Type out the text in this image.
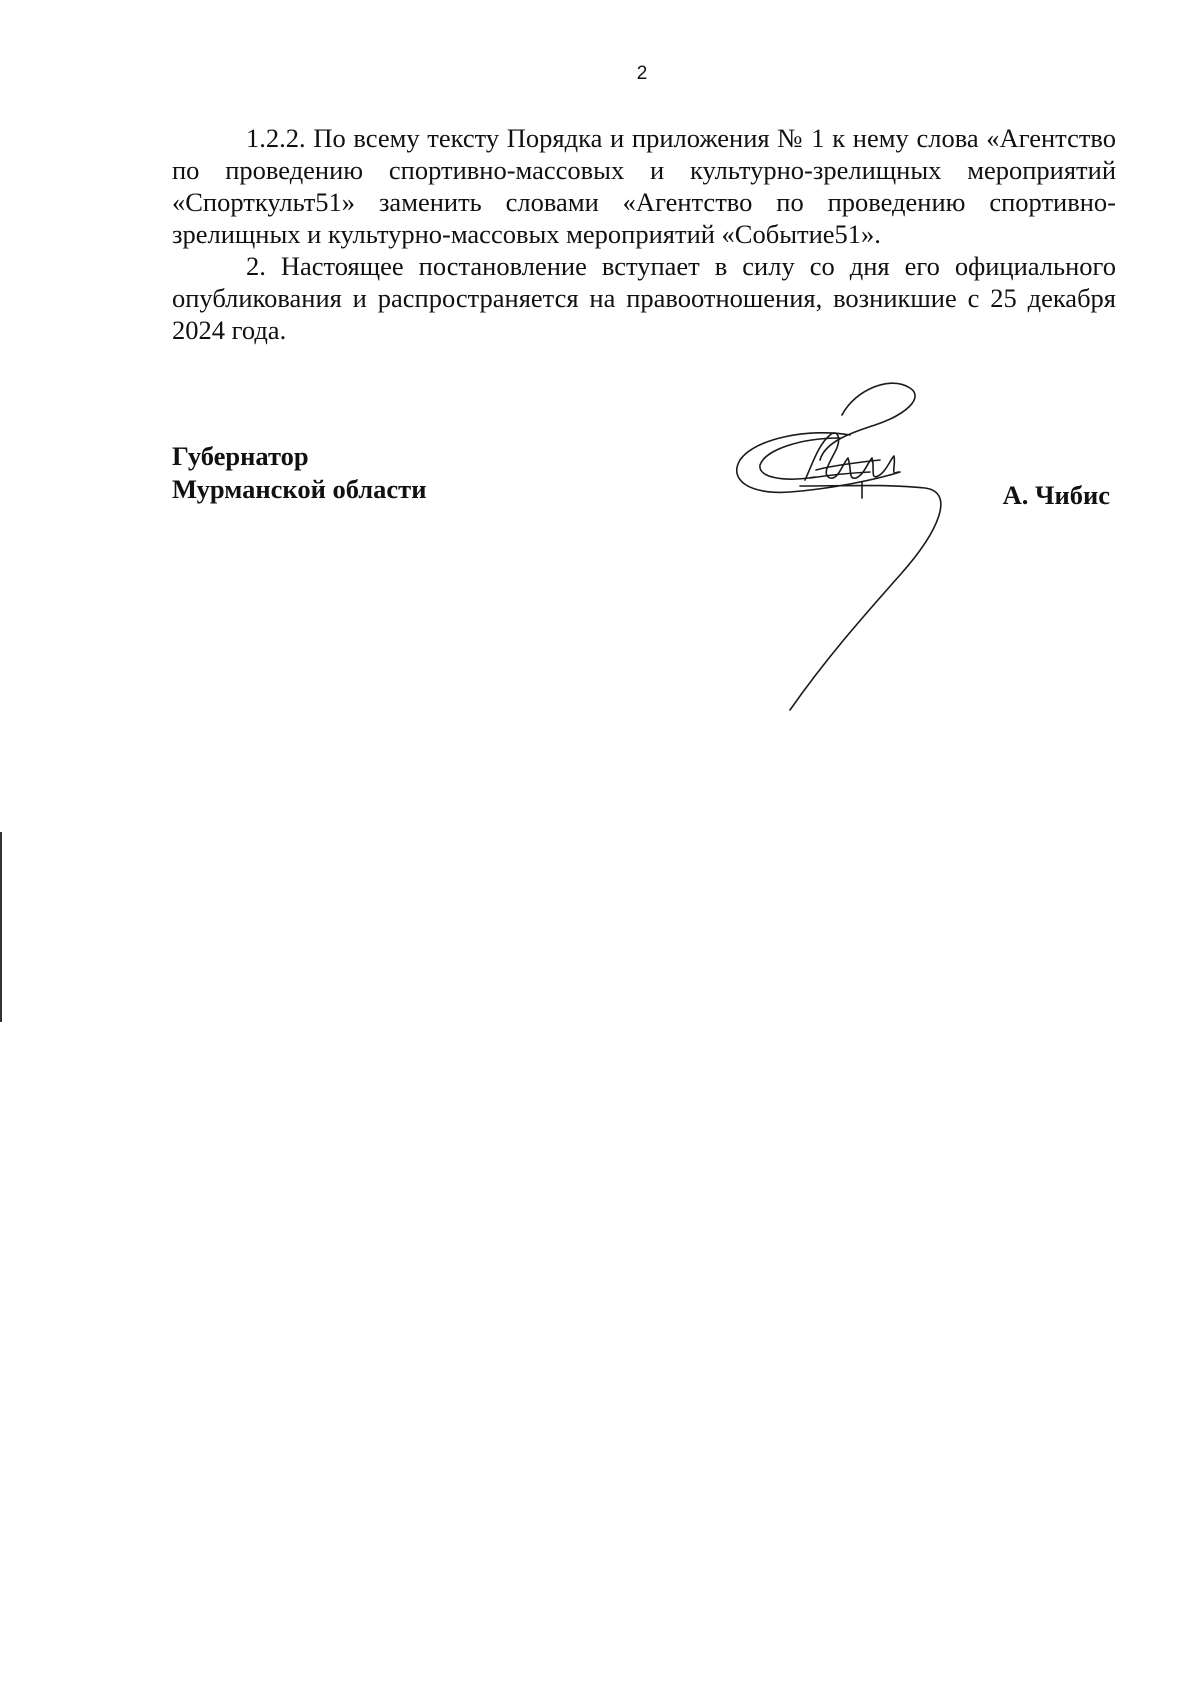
2

1.2.2. По всему тексту Порядка и приложения № 1 к нему слова «Агентство по проведению спортивно-массовых и культурно-зрелищных мероприятий «Спорткульт51» заменить словами «Агентство по проведению спортивно-зрелищных и культурно-массовых мероприятий «Событие51».

2. Настоящее постановление вступает в силу со дня его официального опубликования и распространяется на правоотношения, возникшие с 25 декабря 2024 года.

Губернатор
Мурманской области	А. Чибис
